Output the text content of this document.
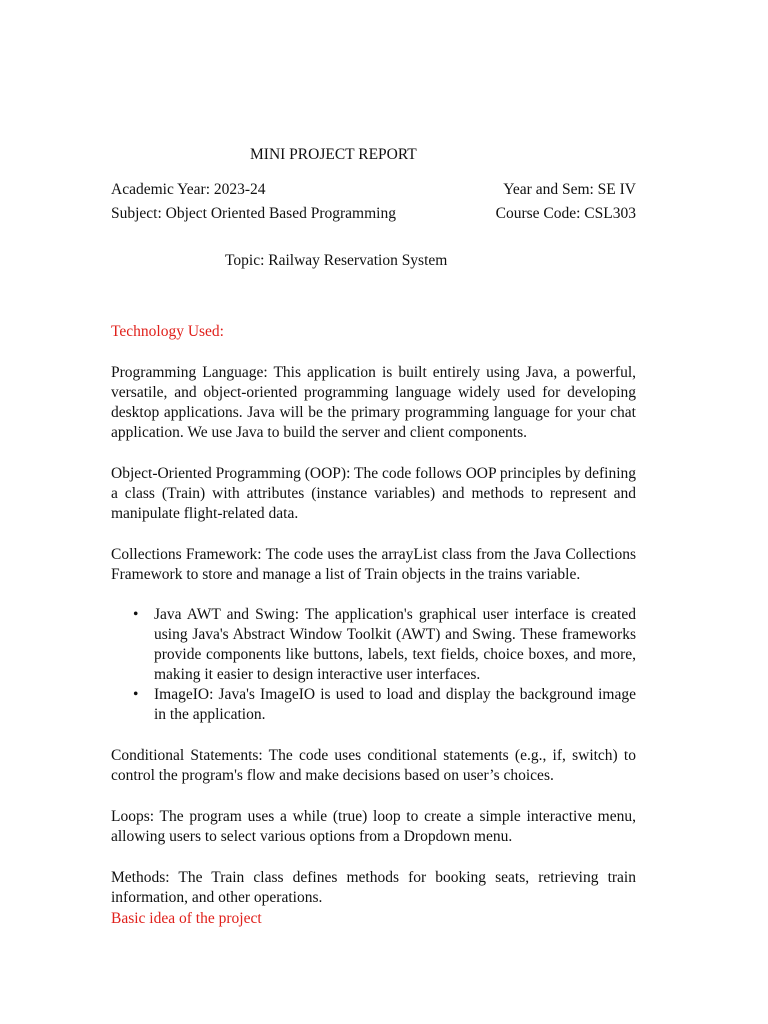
MINI PROJECT REPORT
Academic Year: 2023-24	Year and Sem: SE IV
Subject: Object Oriented Based Programming	Course Code: CSL303
Topic: Railway Reservation System
Technology Used:

Programming Language: This application is built entirely using Java, a powerful, versatile, and object-oriented programming language widely used for developing desktop applications. Java will be the primary programming language for your chat application. We use Java to build the server and client components.

Object-Oriented Programming (OOP): The code follows OOP principles by defining a class (Train) with attributes (instance variables) and methods to represent and manipulate flight-related data.

Collections Framework: The code uses the arrayList class from the Java Collections Framework to store and manage a list of Train objects in the trains variable.

• Java AWT and Swing: The application's graphical user interface is created using Java's Abstract Window Toolkit (AWT) and Swing. These frameworks provide components like buttons, labels, text fields, choice boxes, and more, making it easier to design interactive user interfaces.
• ImageIO: Java's ImageIO is used to load and display the background image in the application.

Conditional Statements: The code uses conditional statements (e.g., if, switch) to control the program's flow and make decisions based on user’s choices.

Loops: The program uses a while (true) loop to create a simple interactive menu, allowing users to select various options from a Dropdown menu.

Methods: The Train class defines methods for booking seats, retrieving train information, and other operations.

Basic idea of the project
